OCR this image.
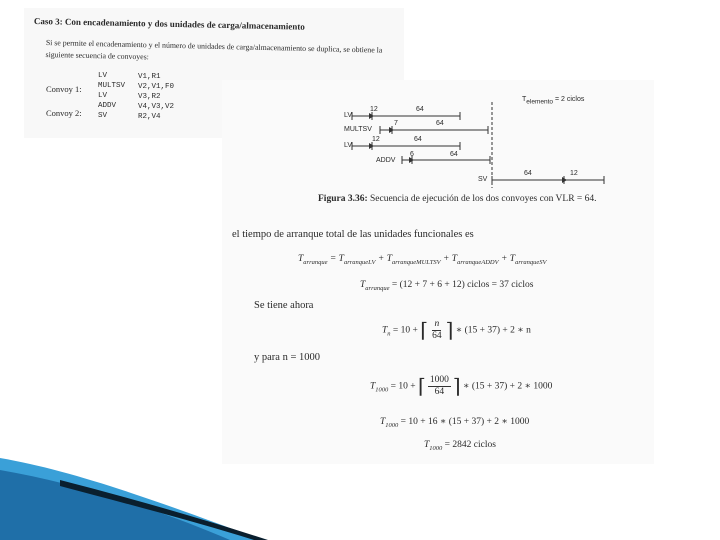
Caso 3: Con encadenamiento y dos unidades de carga/almacenamiento
Si se permite el encadenamiento y el número de unidades de carga/almacenamiento se duplica, se obtiene la siguiente secuencia de convoyes:
Convoy 1:
Convoy 2:
LV	V1,R1
MULTSV V2,V1,F0
LV	V3,R2
ADDV	V4,V3,V2
SV	R2,V4
$T_{elemento} = 2$ ciclos
LV
12	64
MULTSV
7	64
LV
12	64
ADDV
6	64
SV
64	12
Figura 3.36: Secuencia de ejecución de los dos convoyes con VLR = 64.
el tiempo de arranque total de las unidades funcionales es
$T_{arranque} = T_{arranqueLV} + T_{arranqueMULTSV} + T_{arranqueADDV} + T_{arranqueSV}$
$T_{arranque} = (12 + 7 + 6 + 12)$ ciclos = 37 ciclos
Se tiene ahora
$T_n = 10$ + ⌈ $\frac{n}{64}$ ⌉ ∗ (15 + 37) + 2 ∗ n
y para n = 1000
$T_{1000} = 10$ + ⌈ $\frac{1000}{64}$ ⌉ ∗ (15 + 37) + 2 ∗ 1000
$T_{1000} = 10 + 16$ ∗ (15 + 37) + 2 ∗ 1000
$T_{1000} = 2842$ ciclos
